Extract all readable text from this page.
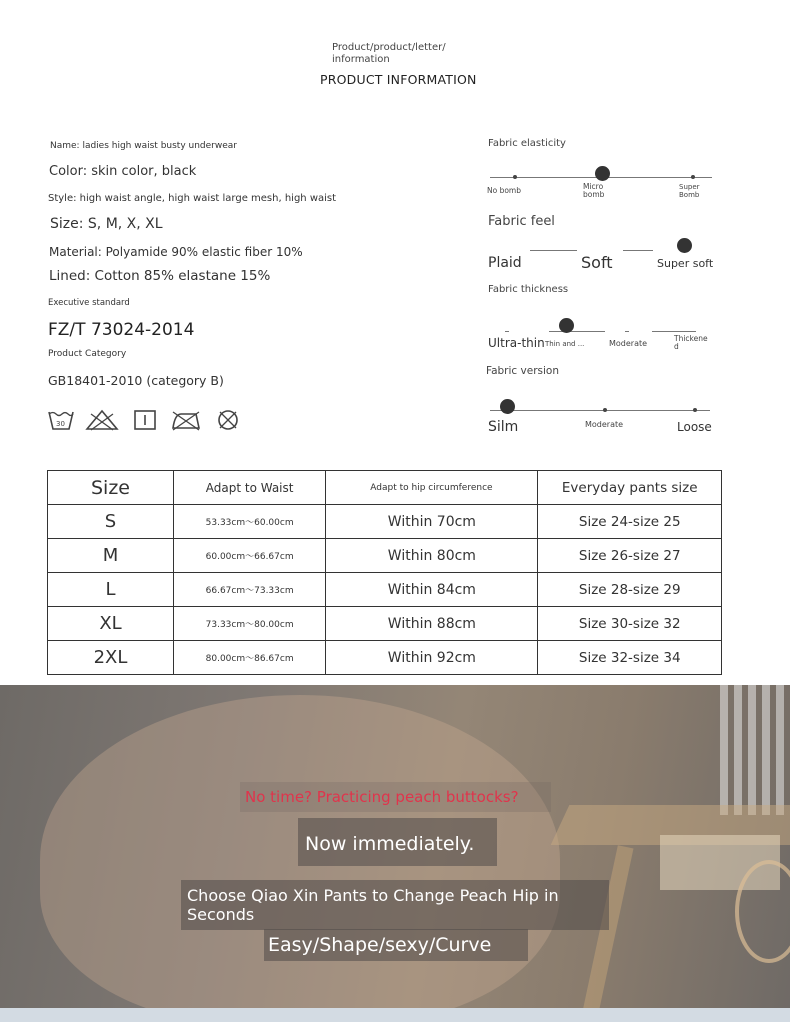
Product/product/letter/ information
PRODUCT INFORMATION
Name: ladies high waist busty underwear
Color: skin color, black
Style: high waist angle, high waist large mesh, high waist
Size: S, M, X, XL
Material: Polyamide 90% elastic fiber 10%
Lined: Cotton 85% elastane 15%
Executive standard
FZ/T 73024-2014
Product Category
GB18401-2010 (category B)
30
Fabric elasticity
No bomb	Micro bomb
Super Bomb
Fabric feel
Plaid	Soft	Super soft
Fabric thickness
Ultra-thin Thin and ...	Moderate
Thickened
Fabric version
Silm	Moderate	Loose
Size	Adapt to Waist	Adapt to hip circumference	Everyday pants size
S	53.33cm～60.00cm	Within 70cm	Size 24-size 25
M	60.00cm～66.67cm	Within 80cm	Size 26-size 27
L	66.67cm～73.33cm	Within 84cm	Size 28-size 29
XL	73.33cm～80.00cm	Within 88cm	Size 30-size 32
2XL	80.00cm～86.67cm	Within 92cm	Size 32-size 34
No time? Practicing peach buttocks?
Now immediately.
Choose Qiao Xin Pants to Change Peach Hip in Seconds
Easy/Shape/sexy/Curve
